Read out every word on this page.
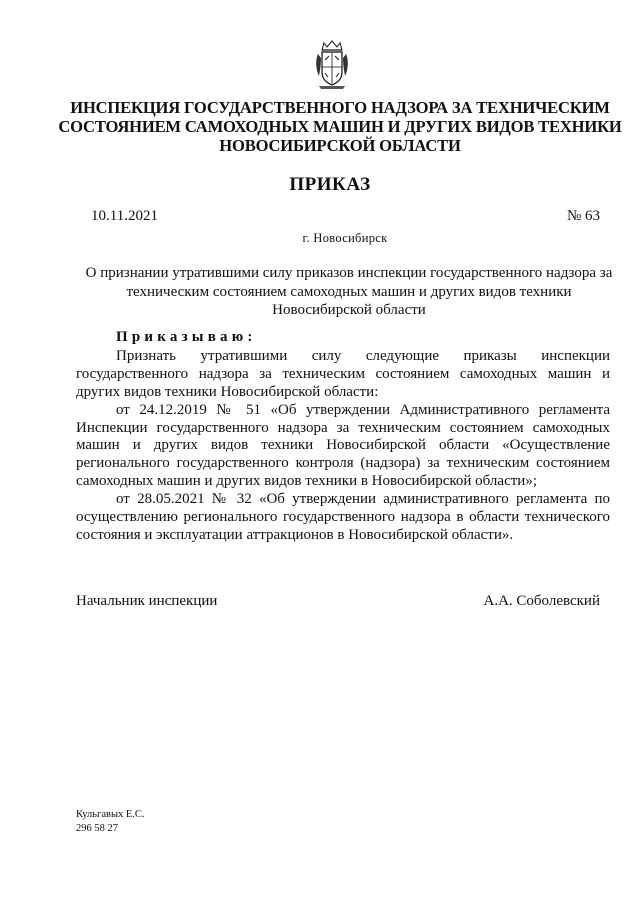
ИНСПЕКЦИЯ ГОСУДАРСТВЕННОГО НАДЗОРА ЗА ТЕХНИЧЕСКИМ
СОСТОЯНИЕМ САМОХОДНЫХ МАШИН И ДРУГИХ ВИДОВ ТЕХНИКИ
НОВОСИБИРСКОЙ ОБЛАСТИ
ПРИКАЗ
10.11.2021	№ 63
г. Новосибирск
О признании утратившими силу приказов инспекции государственного надзора за
техническим состоянием самоходных машин и других видов техники
Новосибирской области
Приказываю:

Признать утратившими силу следующие приказы инспекции государственного надзора за техническим состоянием самоходных машин и других видов техники Новосибирской области:

от 24.12.2019 № 51 «Об утверждении Административного регламента Инспекции государственного надзора за техническим состоянием самоходных машин и других видов техники Новосибирской области «Осуществление регионального государственного контроля (надзора) за техническим состоянием самоходных машин и других видов техники в Новосибирской области»;

от 28.05.2021 № 32 «Об утверждении административного регламента по осуществлению регионального государственного надзора в области технического состояния и эксплуатации аттракционов в Новосибирской области».

Начальник инспекции	А.А. Соболевский
Кульгавых Е.С.
296 58 27
